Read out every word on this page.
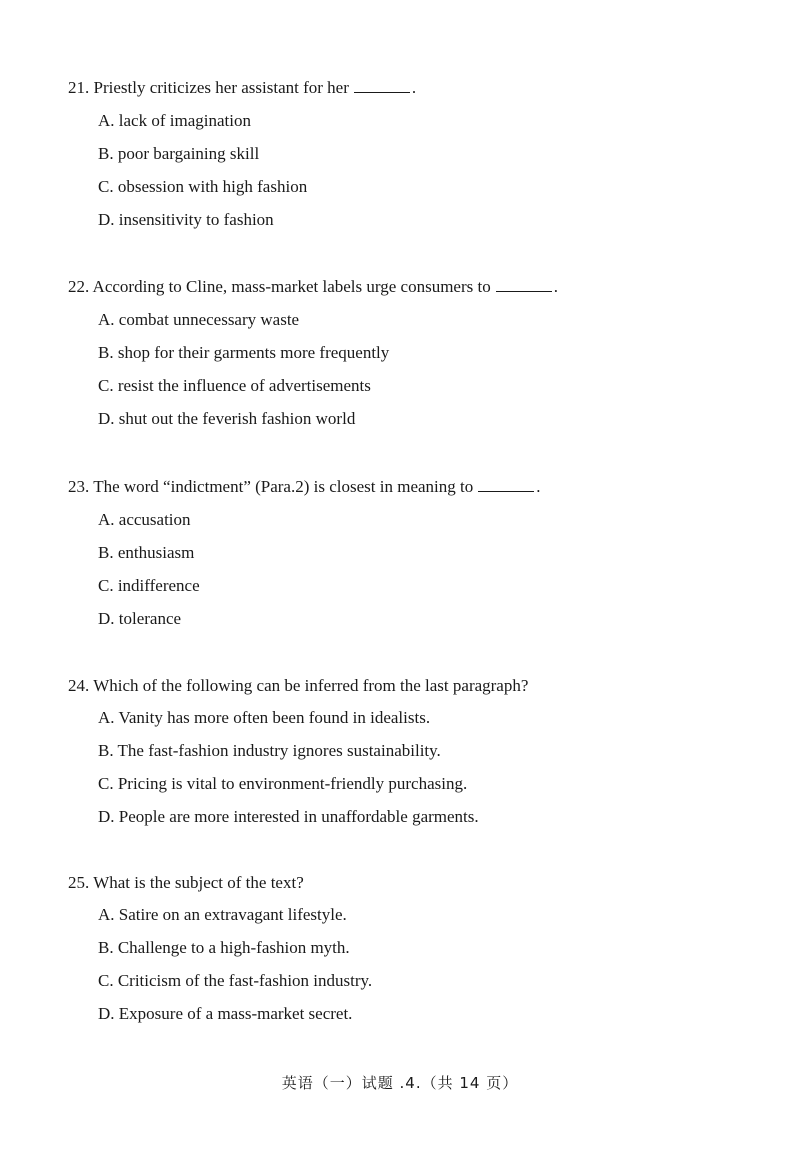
21. Priestly criticizes her assistant for her	.
A. lack of imagination
B. poor bargaining skill
C. obsession with high fashion
D. insensitivity to fashion
22. According to Cline, mass-market labels urge consumers to	.
A. combat unnecessary waste
B. shop for their garments more frequently
C. resist the influence of advertisements
D. shut out the feverish fashion world
23. The word “indictment” (Para.2) is closest in meaning to	.
A. accusation
B. enthusiasm
C. indifference
D. tolerance
24. Which of the following can be inferred from the last paragraph?
A. Vanity has more often been found in idealists.
B. The fast-fashion industry ignores sustainability.
C. Pricing is vital to environment-friendly purchasing.
D. People are more interested in unaffordable garments.
25. What is the subject of the text?
A. Satire on an extravagant lifestyle.
B. Challenge to a high-fashion myth.
C. Criticism of the fast-fashion industry.
D. Exposure of a mass-market secret.
英语（一）试题 .4.（共 14 页）
